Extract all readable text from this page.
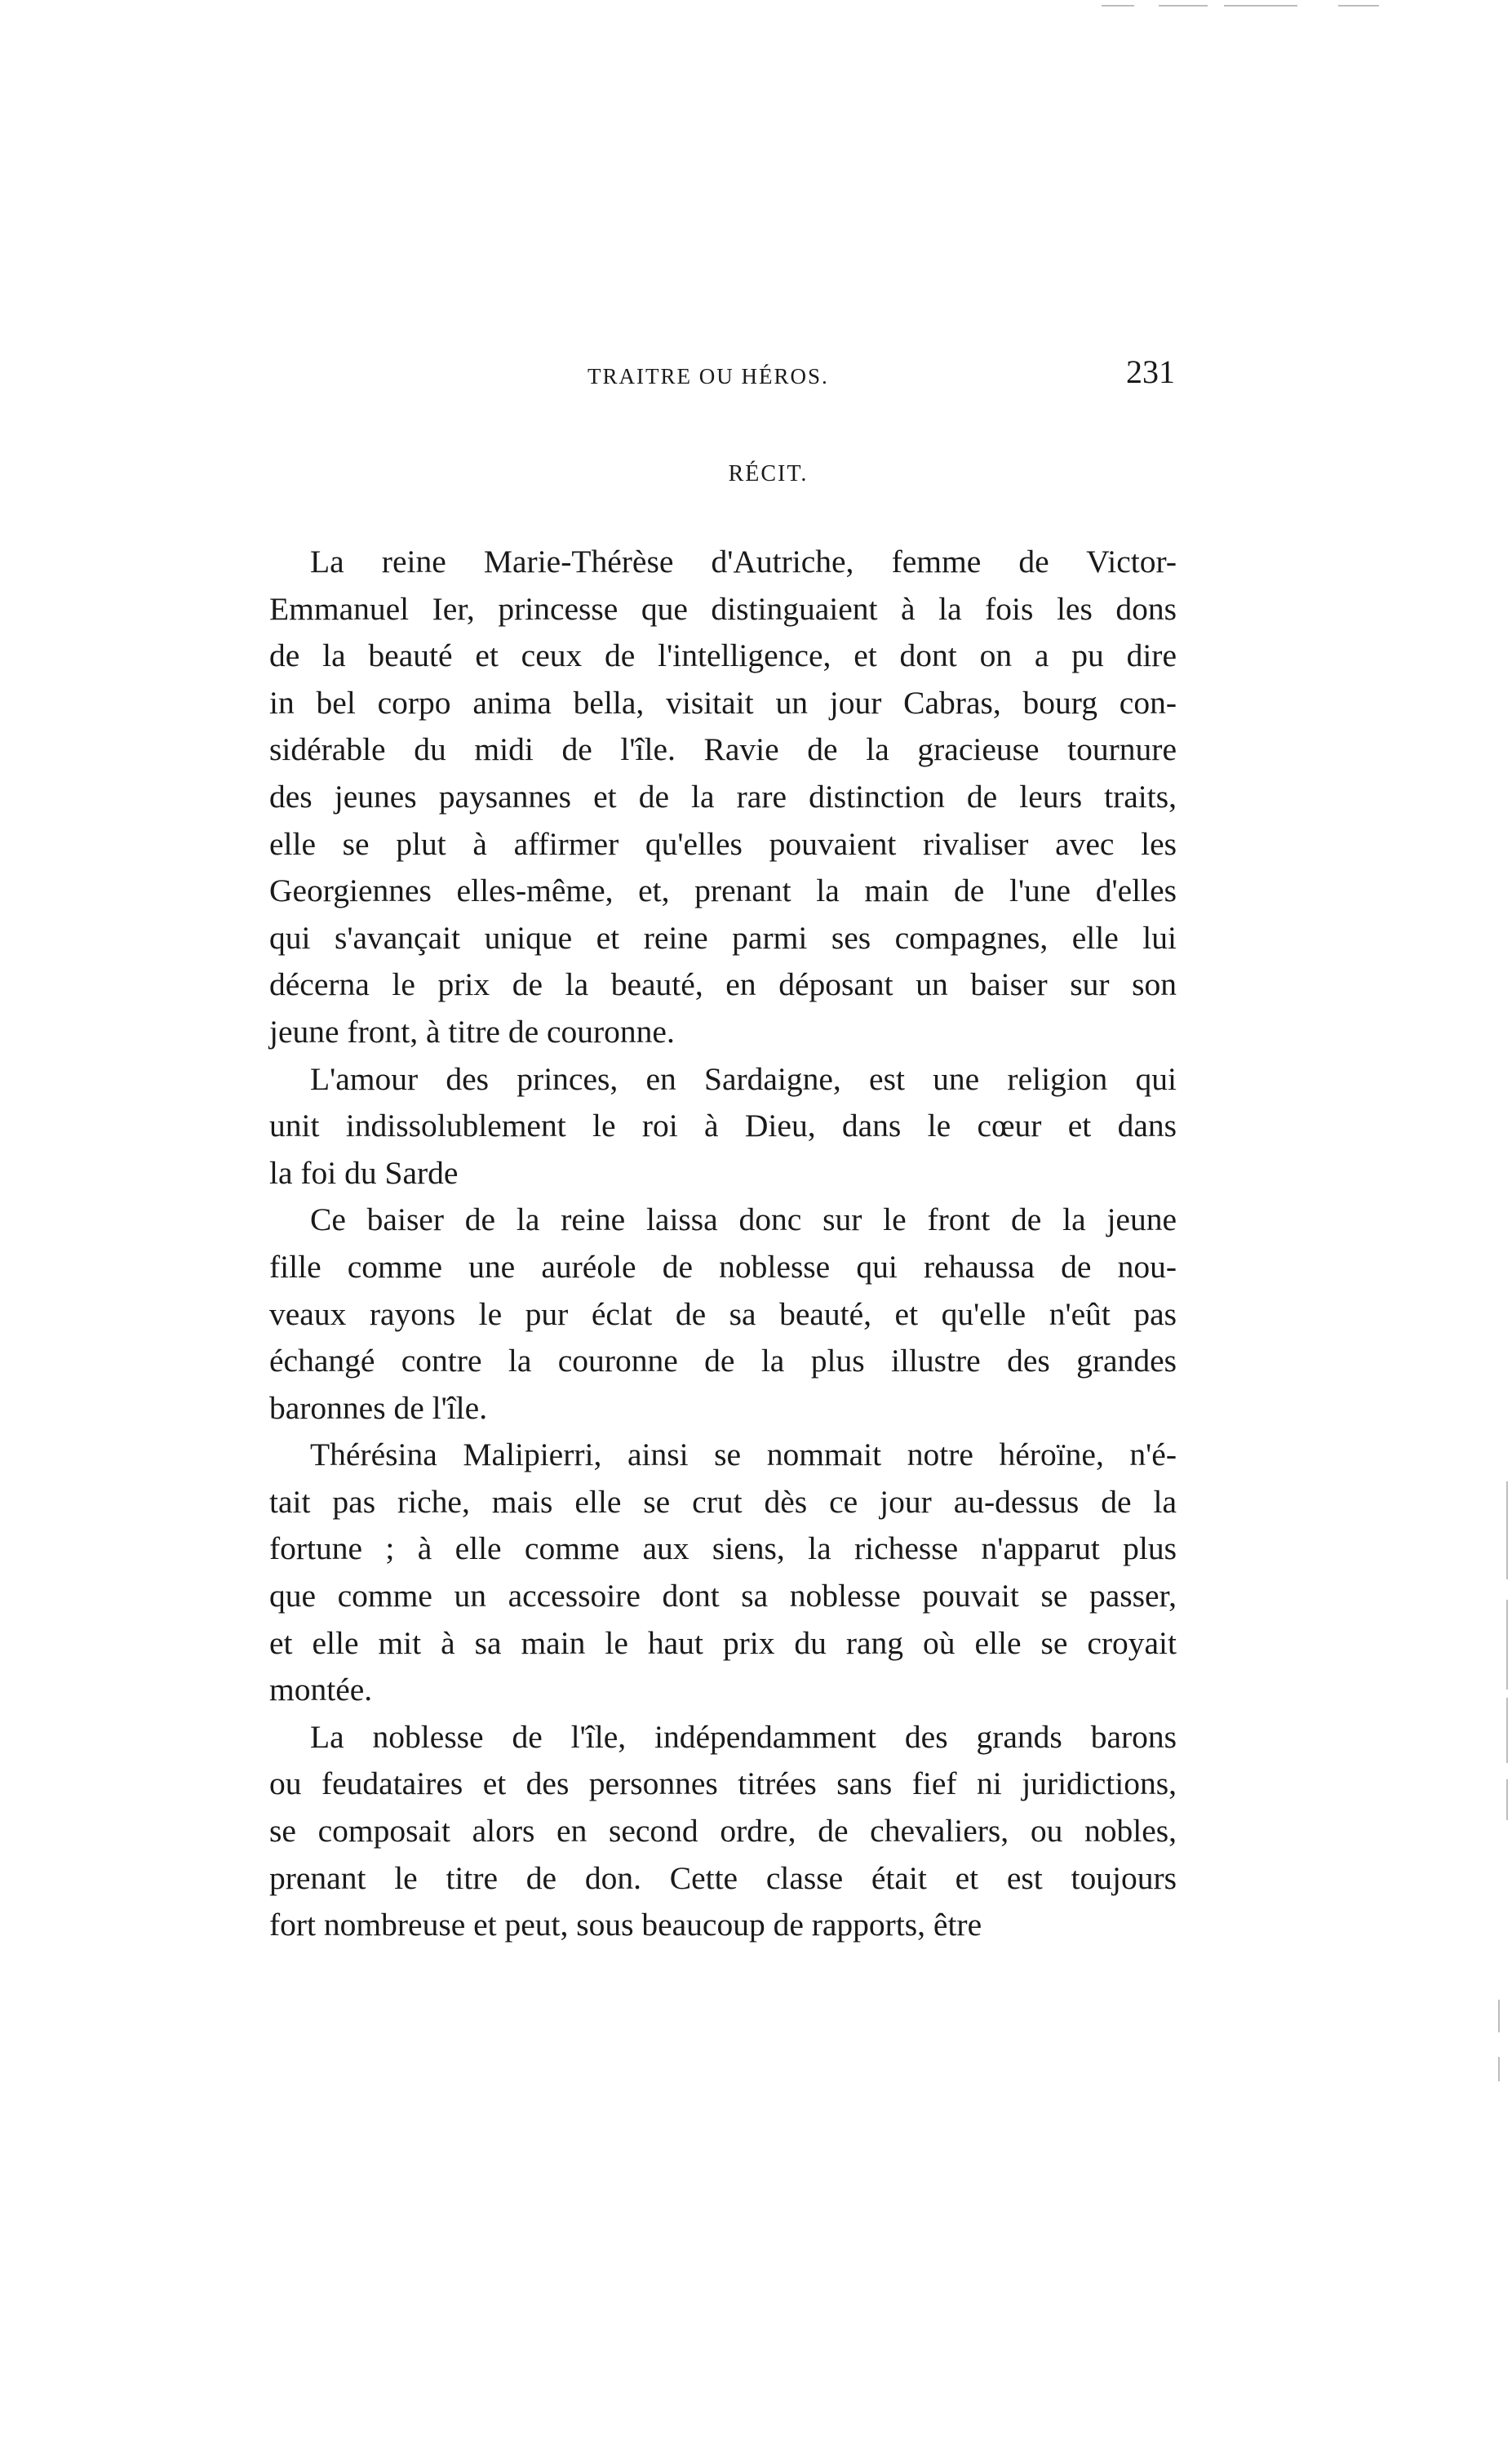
TRAITRE OU HÉROS.	231
RÉCIT.
La reine Marie-Thérèse d'Autriche, femme de Victor-
Emmanuel Ier, princesse que distinguaient à la fois les dons
de la beauté et ceux de l'intelligence, et dont on a pu dire
in bel corpo anima bella, visitait un jour Cabras, bourg con-
sidérable du midi de l'île. Ravie de la gracieuse tournure
des jeunes paysannes et de la rare distinction de leurs traits,
elle se plut à affirmer qu'elles pouvaient rivaliser avec les
Georgiennes elles-même, et, prenant la main de l'une d'elles
qui s'avançait unique et reine parmi ses compagnes, elle lui
décerna le prix de la beauté, en déposant un baiser sur son
jeune front, à titre de couronne.
L'amour des princes, en Sardaigne, est une religion qui
unit indissolublement le roi à Dieu, dans le cœur et dans
la foi du Sarde
Ce baiser de la reine laissa donc sur le front de la jeune
fille comme une auréole de noblesse qui rehaussa de nou-
veaux rayons le pur éclat de sa beauté, et qu'elle n'eût pas
échangé contre la couronne de la plus illustre des grandes
baronnes de l'île.
Thérésina Malipierri, ainsi se nommait notre héroïne, n'é-
tait pas riche, mais elle se crut dès ce jour au-dessus de la
fortune ; à elle comme aux siens, la richesse n'apparut plus
que comme un accessoire dont sa noblesse pouvait se passer,
et elle mit à sa main le haut prix du rang où elle se croyait
montée.
La noblesse de l'île, indépendamment des grands barons
ou feudataires et des personnes titrées sans fief ni juridictions,
se composait alors en second ordre, de chevaliers, ou nobles,
prenant le titre de don. Cette classe était et est toujours
fort nombreuse et peut, sous beaucoup de rapports, être
